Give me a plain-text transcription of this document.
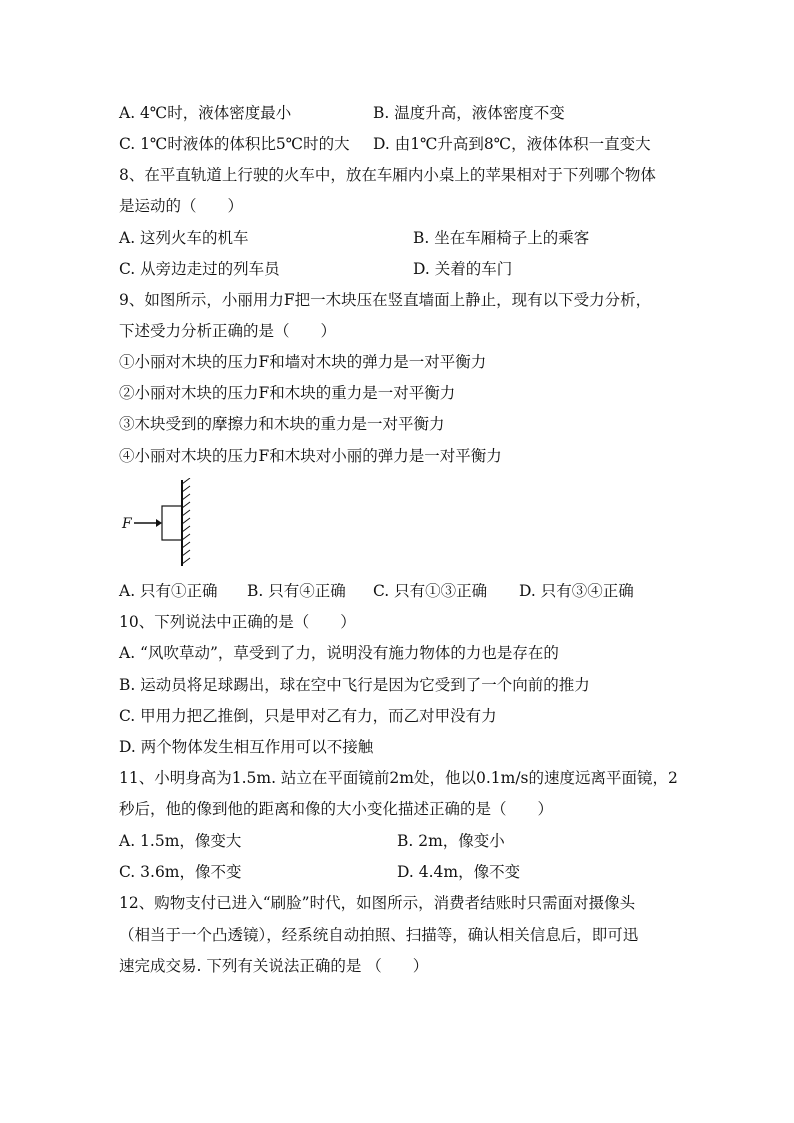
A. 4℃时，液体密度最小	B. 温度升高，液体密度不变
C. 1℃时液体的体积比5℃时的大 D. 由1℃升高到8℃，液体体积一直变大
8、在平直轨道上行驶的火车中，放在车厢内小桌上的苹果相对于下列哪个物体
是运动的（　　）
A. 这列火车的机车	B. 坐在车厢椅子上的乘客
C. 从旁边走过的列车员	D. 关着的车门
9、如图所示，小丽用力F把一木块压在竖直墙面上静止，现有以下受力分析，
下述受力分析正确的是（　　）
①小丽对木块的压力F和墙对木块的弹力是一对平衡力
②小丽对木块的压力F和木块的重力是一对平衡力
③木块受到的摩擦力和木块的重力是一对平衡力
④小丽对木块的压力F和木块对小丽的弹力是一对平衡力
F
A. 只有①正确 B. 只有④正确 C. 只有①③正确 D. 只有③④正确
10、下列说法中正确的是（　　）
A. “风吹草动”，草受到了力，说明没有施力物体的力也是存在的
B. 运动员将足球踢出，球在空中飞行是因为它受到了一个向前的推力
C. 甲用力把乙推倒，只是甲对乙有力，而乙对甲没有力
D. 两个物体发生相互作用可以不接触
11、小明身高为1.5m. 站立在平面镜前2m处，他以0.1m/s的速度远离平面镜，2
秒后，他的像到他的距离和像的大小变化描述正确的是（　　）
A. 1.5m，像变大	B. 2m，像变小
C. 3.6m，像不变	D. 4.4m，像不变
12、购物支付已进入“刷脸”时代，如图所示，消费者结账时只需面对摄像头
（相当于一个凸透镜），经系统自动拍照、扫描等，确认相关信息后，即可迅
速完成交易. 下列有关说法正确的是 （　　）
